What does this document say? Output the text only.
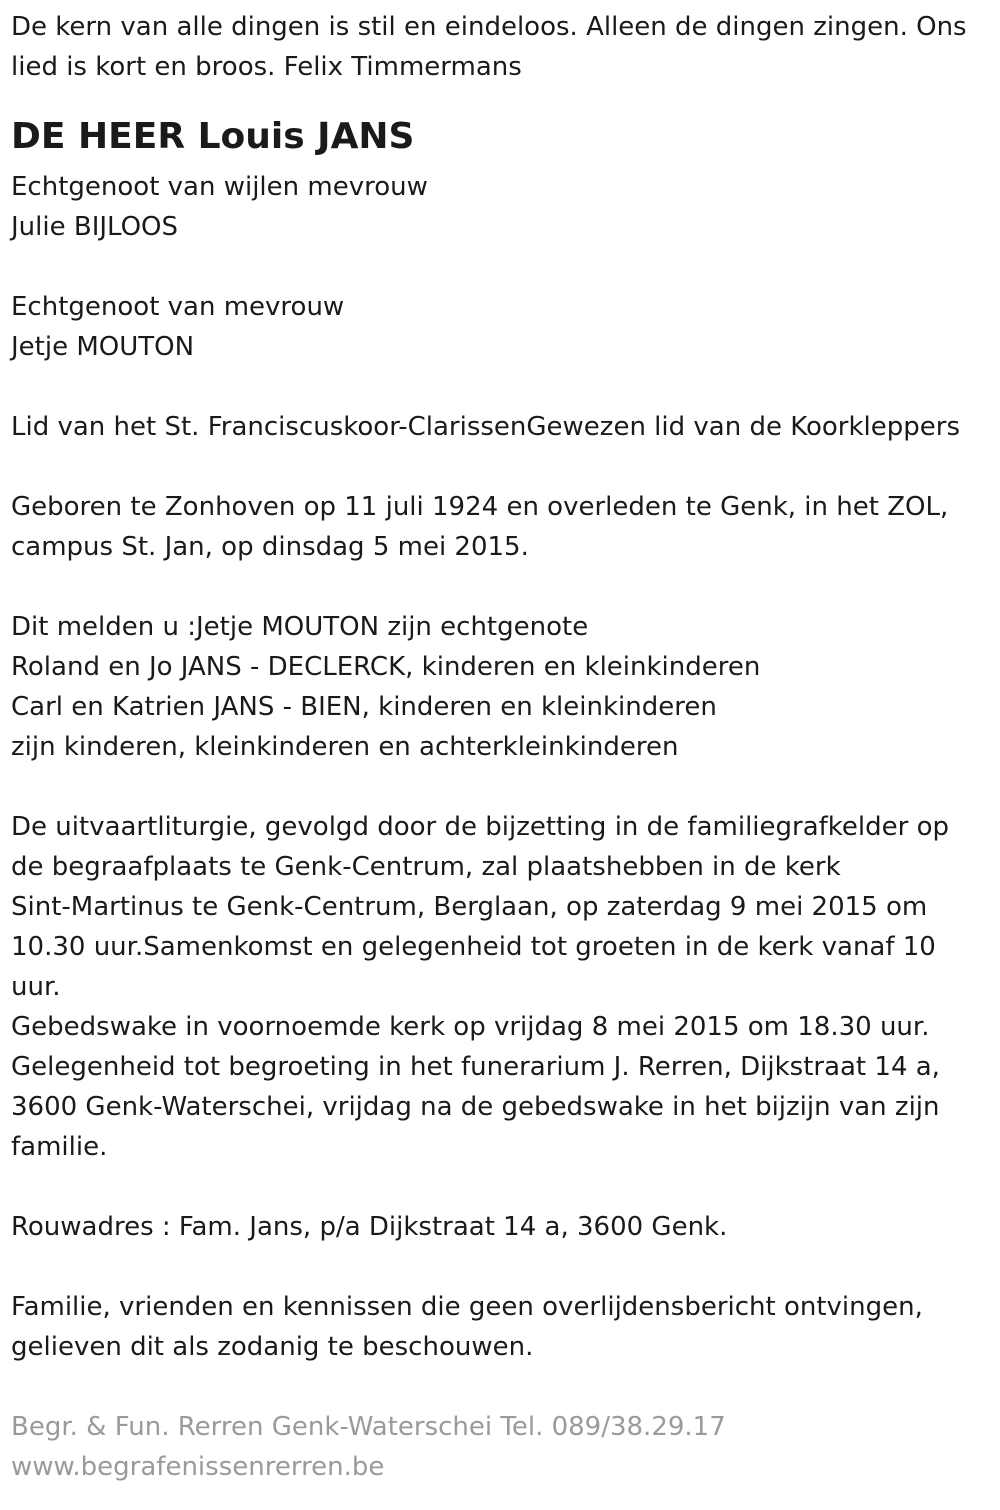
De kern van alle dingen is stil en eindeloos. Alleen de dingen zingen. Ons
lied is kort en broos. Felix Timmermans
DE HEER Louis JANS
Echtgenoot van wijlen mevrouw
Julie BIJLOOS
Echtgenoot van mevrouw
Jetje MOUTON
Lid van het St. Franciscuskoor-ClarissenGewezen lid van de Koorkleppers
Geboren te Zonhoven op 11 juli 1924 en overleden te Genk, in het ZOL,
campus St. Jan, op dinsdag 5 mei 2015.
Dit melden u :Jetje MOUTON zijn echtgenote
Roland en Jo JANS - DECLERCK, kinderen en kleinkinderen
Carl en Katrien JANS - BIEN, kinderen en kleinkinderen
zijn kinderen, kleinkinderen en achterkleinkinderen
De uitvaartliturgie, gevolgd door de bijzetting in de familiegrafkelder op
de begraafplaats te Genk-Centrum, zal plaatshebben in de kerk
Sint-Martinus te Genk-Centrum, Berglaan, op zaterdag 9 mei 2015 om
10.30 uur.Samenkomst en gelegenheid tot groeten in de kerk vanaf 10
uur.
Gebedswake in voornoemde kerk op vrijdag 8 mei 2015 om 18.30 uur.
Gelegenheid tot begroeting in het funerarium J. Rerren, Dijkstraat 14 a,
3600 Genk-Waterschei, vrijdag na de gebedswake in het bijzijn van zijn
familie.
Rouwadres : Fam. Jans, p/a Dijkstraat 14 a, 3600 Genk.
Familie, vrienden en kennissen die geen overlijdensbericht ontvingen,
gelieven dit als zodanig te beschouwen.
Begr. & Fun. Rerren Genk-Waterschei Tel. 089/38.29.17
www.begrafenissenrerren.be
